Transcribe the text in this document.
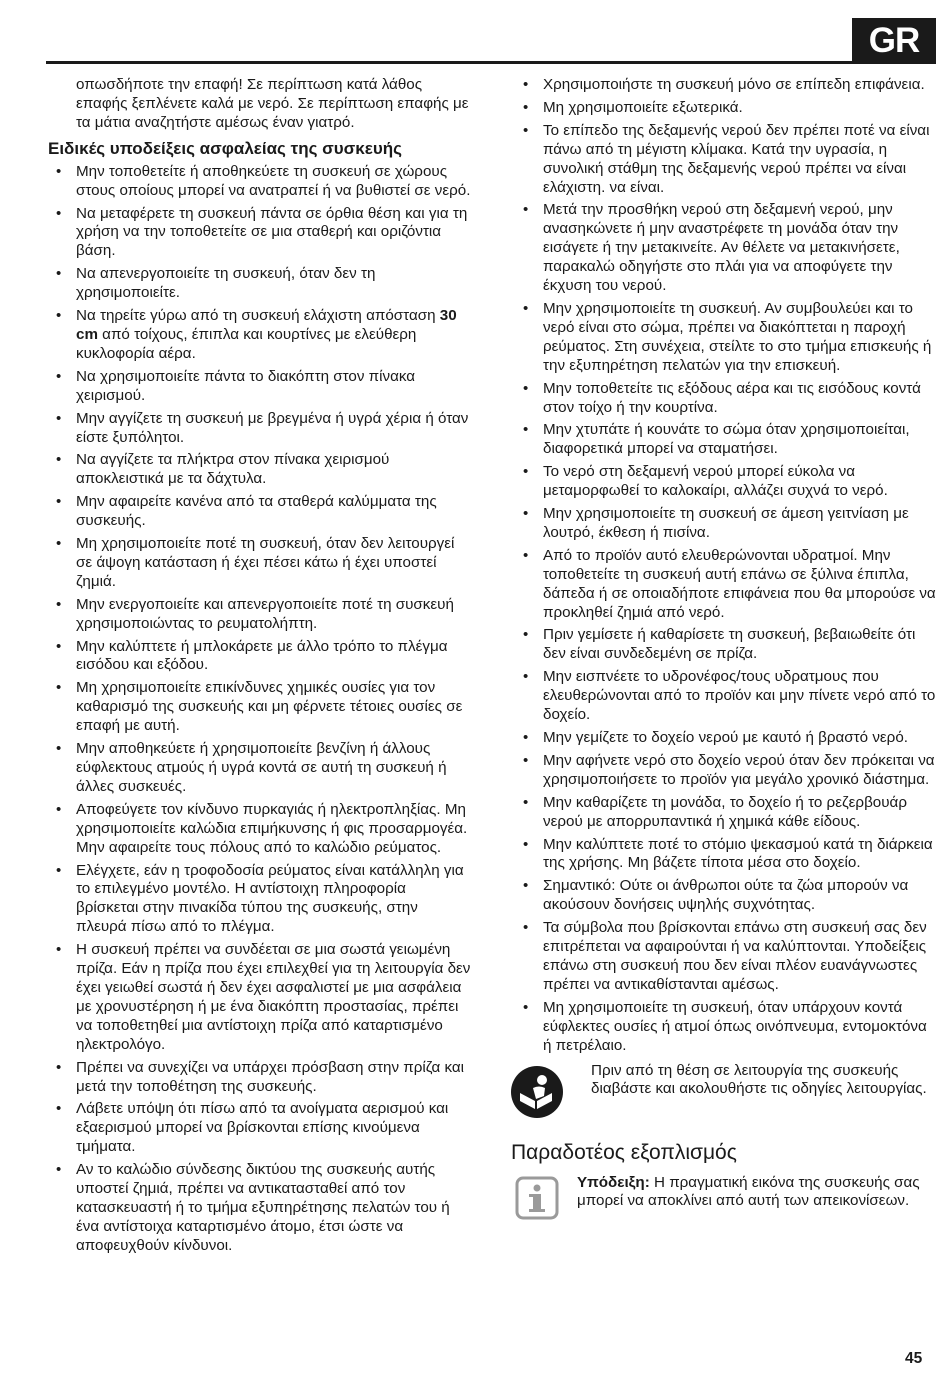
GR
οπωσδήποτε την επαφή! Σε περίπτωση κατά λάθος επαφής ξεπλένετε καλά με νερό. Σε περίπτωση επαφής με τα μάτια αναζητήστε αμέσως έναν γιατρό.
Ειδικές υποδείξεις ασφαλείας της συσκευής
• Μην τοποθετείτε ή αποθηκεύετε τη συσκευή σε χώρους στους οποίους μπορεί να ανατραπεί ή να βυθιστεί σε νερό.
• Να μεταφέρετε τη συσκευή πάντα σε όρθια θέση και για τη χρήση να την τοποθετείτε σε μια σταθερή και οριζόντια βάση.
• Να απενεργοποιείτε τη συσκευή, όταν δεν τη χρησιμοποιείτε.
• Να τηρείτε γύρω από τη συσκευή ελάχιστη απόσταση 30 cm από τοίχους, έπιπλα και κουρτίνες με ελεύθερη κυκλοφορία αέρα.
• Να χρησιμοποιείτε πάντα το διακόπτη στον πίνακα χειρισμού.
• Μην αγγίζετε τη συσκευή με βρεγμένα ή υγρά χέρια ή όταν είστε ξυπόλητοι.
• Να αγγίζετε τα πλήκτρα στον πίνακα χειρισμού αποκλειστικά με τα δάχτυλα.
• Μην αφαιρείτε κανένα από τα σταθερά καλύμματα της συσκευής.
• Μη χρησιμοποιείτε ποτέ τη συσκευή, όταν δεν λειτουργεί σε άψογη κατάσταση ή έχει πέσει κάτω ή έχει υποστεί ζημιά.
• Μην ενεργοποιείτε και απενεργοποιείτε ποτέ τη συσκευή χρησιμοποιώντας το ρευματολήπτη.
• Μην καλύπτετε ή μπλοκάρετε με άλλο τρόπο το πλέγμα εισόδου και εξόδου.
• Μη χρησιμοποιείτε επικίνδυνες χημικές ουσίες για τον καθαρισμό της συσκευής και μη φέρνετε τέτοιες ουσίες σε επαφή με αυτή.
• Μην αποθηκεύετε ή χρησιμοποιείτε βενζίνη ή άλλους εύφλεκτους ατμούς ή υγρά κοντά σε αυτή τη συσκευή ή άλλες συσκευές.
• Αποφεύγετε τον κίνδυνο πυρκαγιάς ή ηλεκτροπληξίας. Μη χρησιμοποιείτε καλώδια επιμήκυνσης ή φις προσαρμογέα. Μην αφαιρείτε τους πόλους από το καλώδιο ρεύματος.
• Ελέγχετε, εάν η τροφοδοσία ρεύματος είναι κατάλληλη για το επιλεγμένο μοντέλο. Η αντίστοιχη πληροφορία βρίσκεται στην πινακίδα τύπου της συσκευής, στην πλευρά πίσω από το πλέγμα.
• Η συσκευή πρέπει να συνδέεται σε μια σωστά γειωμένη πρίζα. Εάν η πρίζα που έχει επιλεχθεί για τη λειτουργία δεν έχει γειωθεί σωστά ή δεν έχει ασφαλιστεί με μια ασφάλεια με χρονυστέρηση ή με ένα διακόπτη προστασίας, πρέπει να τοποθετηθεί μια αντίστοιχη πρίζα από καταρτισμένο ηλεκτρολόγο.
• Πρέπει να συνεχίζει να υπάρχει πρόσβαση στην πρίζα και μετά την τοποθέτηση της συσκευής.
• Λάβετε υπόψη ότι πίσω από τα ανοίγματα αερισμού και εξαερισμού μπορεί να βρίσκονται επίσης κινούμενα τμήματα.
• Αν το καλώδιο σύνδεσης δικτύου της συσκευής αυτής υποστεί ζημιά, πρέπει να αντικατασταθεί από τον κατασκευαστή ή το τμήμα εξυπηρέτησης πελατών του ή ένα αντίστοιχα καταρτισμένο άτομο, έτσι ώστε να αποφευχθούν κίνδυνοι.
• Χρησιμοποιήστε τη συσκευή μόνο σε επίπεδη επιφάνεια.
• Μη χρησιμοποιείτε εξωτερικά.
• Το επίπεδο της δεξαμενής νερού δεν πρέπει ποτέ να είναι πάνω από τη μέγιστη κλίμακα. Κατά την υγρασία, η συνολική στάθμη της δεξαμενής νερού πρέπει να είναι ελάχιστη. να είναι.
• Μετά την προσθήκη νερού στη δεξαμενή νερού, μην ανασηκώνετε ή μην αναστρέφετε τη μονάδα όταν την εισάγετε ή την μετακινείτε. Αν θέλετε να μετακινήσετε, παρακαλώ οδηγήστε στο πλάι για να αποφύγετε την έκχυση του νερού.
• Μην χρησιμοποιείτε τη συσκευή. Αν συμβουλεύει και το νερό είναι στο σώμα, πρέπει να διακόπτεται η παροχή ρεύματος. Στη συνέχεια, στείλτε το στο τμήμα επισκευής ή την εξυπηρέτηση πελατών για την επισκευή.
• Μην τοποθετείτε τις εξόδους αέρα και τις εισόδους κοντά στον τοίχο ή την κουρτίνα.
• Μην χτυπάτε ή κουνάτε το σώμα όταν χρησιμοποιείται, διαφορετικά μπορεί να σταματήσει.
• Το νερό στη δεξαμενή νερού μπορεί εύκολα να μεταμορφωθεί το καλοκαίρι, αλλάζει συχνά το νερό.
• Μην χρησιμοποιείτε τη συσκευή σε άμεση γειτνίαση με λουτρό, έκθεση ή πισίνα.
• Από το προϊόν αυτό ελευθερώνονται υδρατμοί. Μην τοποθετείτε τη συσκευή αυτή επάνω σε ξύλινα έπιπλα, δάπεδα ή σε οποιαδήποτε επιφάνεια που θα μπορούσε να προκληθεί ζημιά από νερό.
• Πριν γεμίσετε ή καθαρίσετε τη συσκευή, βεβαιωθείτε ότι δεν είναι συνδεδεμένη σε πρίζα.
• Μην εισπνέετε το υδρονέφος/τους υδρατμους που ελευθερώνονται από το προϊόν και μην πίνετε νερό από το δοχείο.
• Μην γεμίζετε το δοχείο νερού με καυτό ή βραστό νερό.
• Μην αφήνετε νερό στο δοχείο νερού όταν δεν πρόκειται να χρησιμοποιήσετε το προϊόν για μεγάλο χρονικό διάστημα.
• Μην καθαρίζετε τη μονάδα, το δοχείο ή το ρεζερβουάρ νερού με απορρυπαντικά ή χημικά κάθε είδους.
• Μην καλύπτετε ποτέ το στόμιο ψεκασμού κατά τη διάρκεια της χρήσης. Μη βάζετε τίποτα μέσα στο δοχείο.
• Σημαντικό: Ούτε οι άνθρωποι ούτε τα ζώα μπορούν να ακούσουν δονήσεις υψηλής συχνότητας.
• Τα σύμβολα που βρίσκονται επάνω στη συσκευή σας δεν επιτρέπεται να αφαιρούνται ή να καλύπτονται. Υποδείξεις επάνω στη συσκευή που δεν είναι πλέον ευανάγνωστες πρέπει να αντικαθίστανται αμέσως.
• Μη χρησιμοποιείτε τη συσκευή, όταν υπάρχουν κοντά εύφλεκτες ουσίες ή ατμοί όπως οινόπνευμα, εντομοκτόνα ή πετρέλαιο.
Πριν από τη θέση σε λειτουργία της συσκευής διαβάστε και ακολουθήστε τις οδηγίες λειτουργίας.
Παραδοτέος εξοπλισμός
Υπόδειξη: Η πραγματική εικόνα της συσκευής σας μπορεί να αποκλίνει από αυτή των απεικονίσεων.
45
